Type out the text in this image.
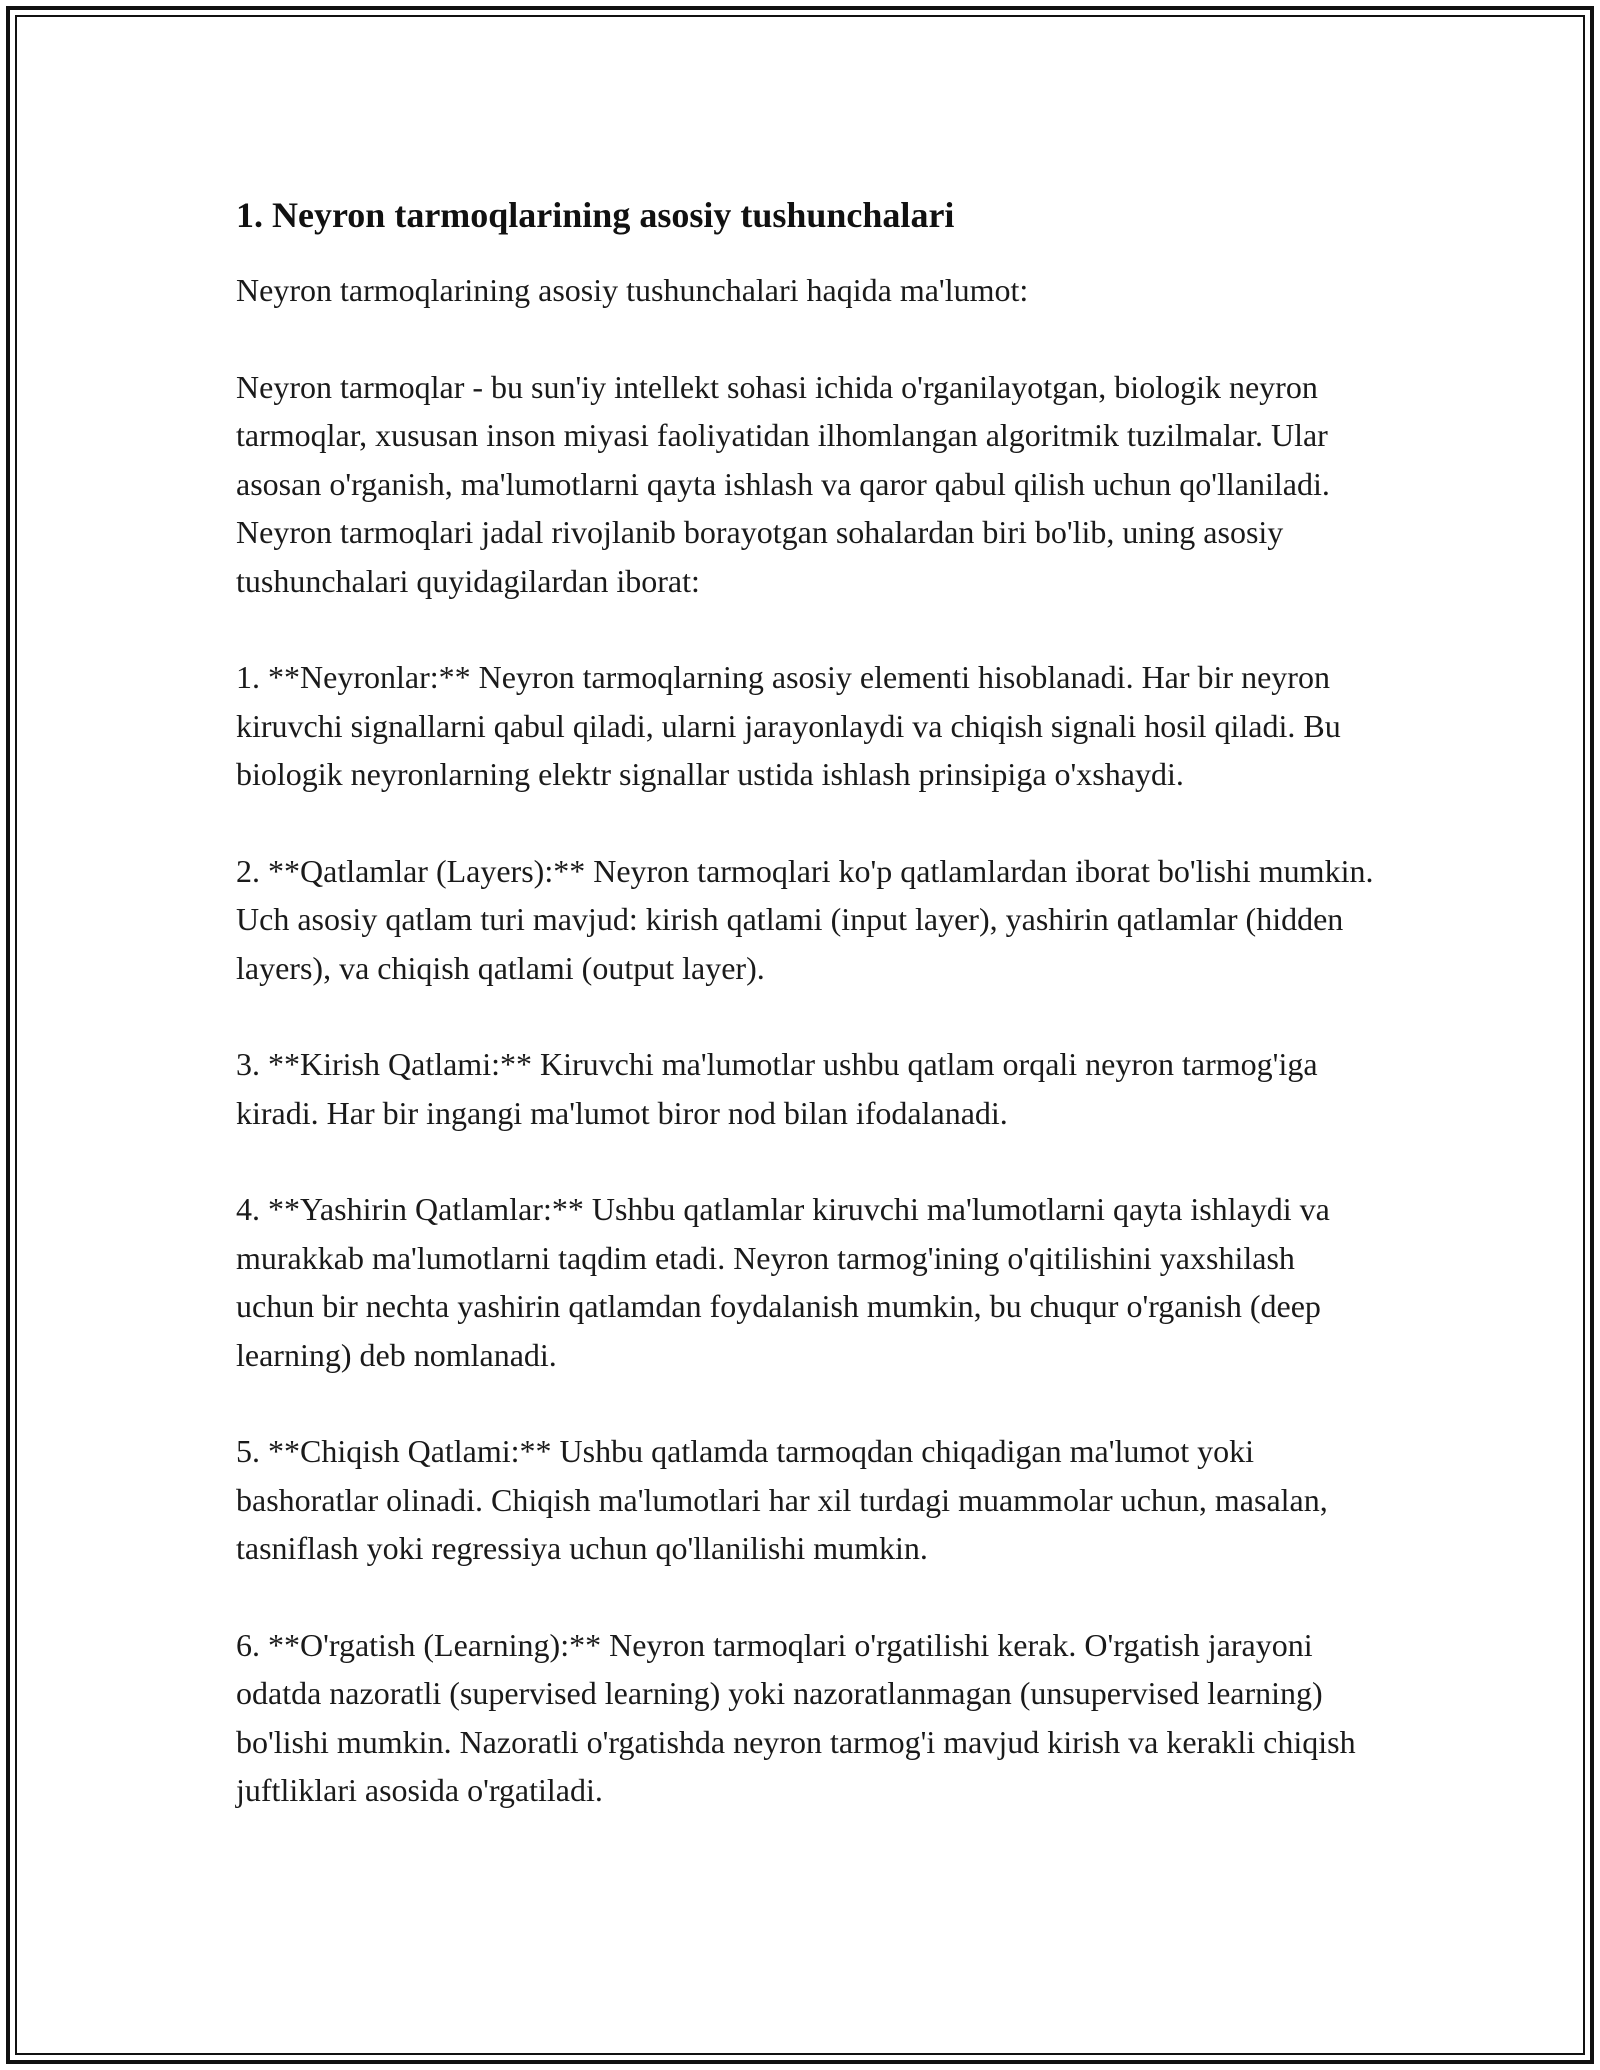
1. Neyron tarmoqlarining asosiy tushunchalari

Neyron tarmoqlarining asosiy tushunchalari haqida ma'lumot:

Neyron tarmoqlar - bu sun'iy intellekt sohasi ichida o'rganilayotgan, biologik neyron tarmoqlar, xususan inson miyasi faoliyatidan ilhomlangan algoritmik tuzilmalar. Ular asosan o'rganish, ma'lumotlarni qayta ishlash va qaror qabul qilish uchun qo'llaniladi. Neyron tarmoqlari jadal rivojlanib borayotgan sohalardan biri bo'lib, uning asosiy tushunchalari quyidagilardan iborat:

1. **Neyronlar:** Neyron tarmoqlarning asosiy elementi hisoblanadi. Har bir neyron kiruvchi signallarni qabul qiladi, ularni jarayonlaydi va chiqish signali hosil qiladi. Bu biologik neyronlarning elektr signallar ustida ishlash prinsipiga o'xshaydi.

2. **Qatlamlar (Layers):** Neyron tarmoqlari ko'p qatlamlardan iborat bo'lishi mumkin. Uch asosiy qatlam turi mavjud: kirish qatlami (input layer), yashirin qatlamlar (hidden layers), va chiqish qatlami (output layer).

3. **Kirish Qatlami:** Kiruvchi ma'lumotlar ushbu qatlam orqali neyron tarmog'iga kiradi. Har bir ingangi ma'lumot biror nod bilan ifodalanadi.

4. **Yashirin Qatlamlar:** Ushbu qatlamlar kiruvchi ma'lumotlarni qayta ishlaydi va murakkab ma'lumotlarni taqdim etadi. Neyron tarmog'ining o'qitilishini yaxshilash uchun bir nechta yashirin qatlamdan foydalanish mumkin, bu chuqur o'rganish (deep learning) deb nomlanadi.

5. **Chiqish Qatlami:** Ushbu qatlamda tarmoqdan chiqadigan ma'lumot yoki bashoratlar olinadi. Chiqish ma'lumotlari har xil turdagi muammolar uchun, masalan, tasniflash yoki regressiya uchun qo'llanilishi mumkin.

6. **O'rgatish (Learning):** Neyron tarmoqlari o'rgatilishi kerak. O'rgatish jarayoni odatda nazoratli (supervised learning) yoki nazoratlanmagan (unsupervised learning) bo'lishi mumkin. Nazoratli o'rgatishda neyron tarmog'i mavjud kirish va kerakli chiqish juftliklari asosida o'rgatiladi.
